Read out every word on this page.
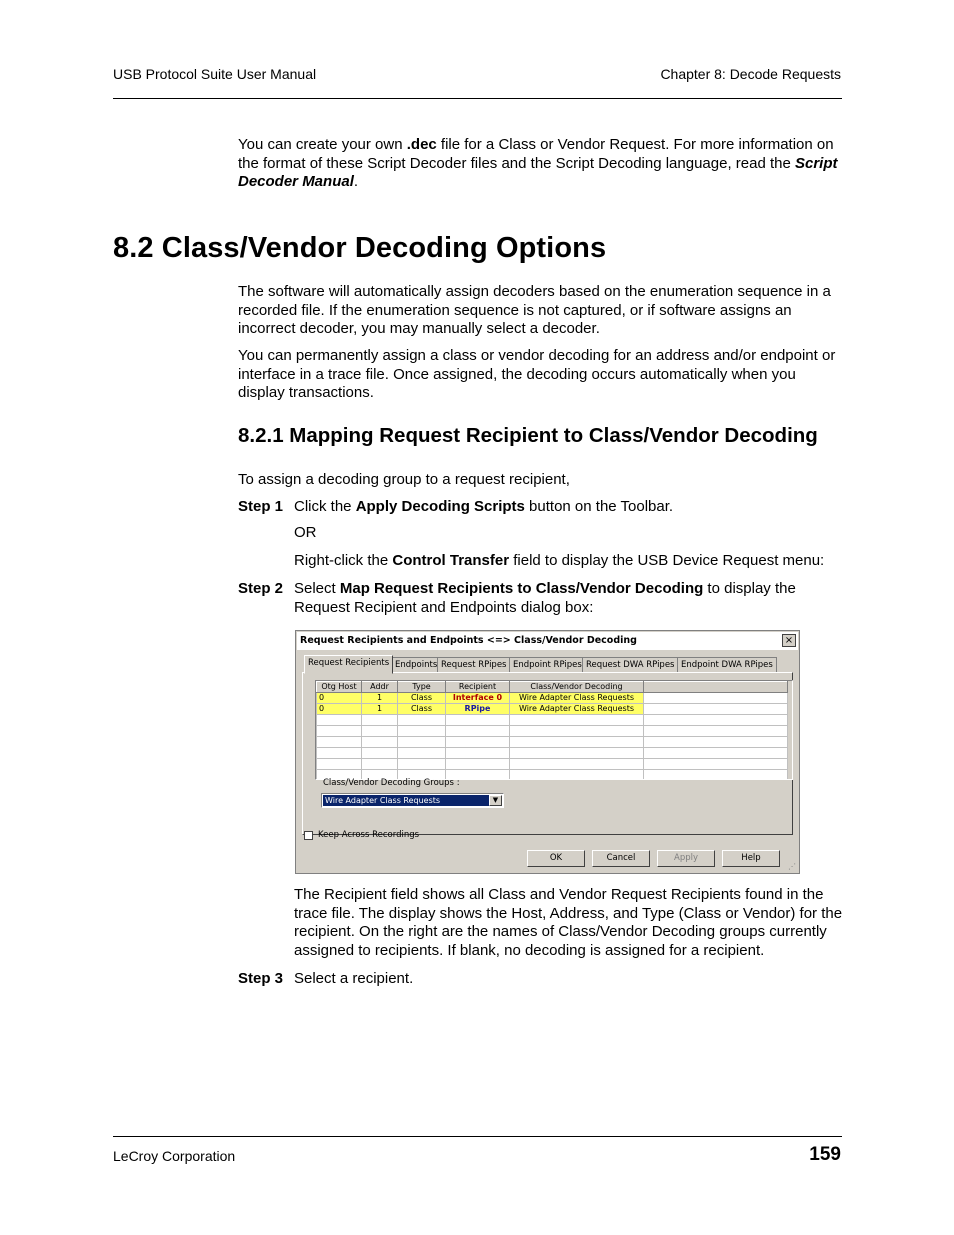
USB Protocol Suite User Manual	Chapter 8: Decode Requests
You can create your own .dec file for a Class or Vendor Request. For more information on the format of these Script Decoder files and the Script Decoding language, read the Script Decoder Manual.
8.2 Class/Vendor Decoding Options
The software will automatically assign decoders based on the enumeration sequence in a recorded file. If the enumeration sequence is not captured, or if software assigns an incorrect decoder, you may manually select a decoder.
You can permanently assign a class or vendor decoding for an address and/or endpoint or interface in a trace file. Once assigned, the decoding occurs automatically when you display transactions.
8.2.1 Mapping Request Recipient to Class/Vendor Decoding
To assign a decoding group to a request recipient,
Step 1 Click the Apply Decoding Scripts button on the Toolbar.
OR
Right-click the Control Transfer field to display the USB Device Request menu:
Step 2 Select Map Request Recipients to Class/Vendor Decoding to display the Request Recipient and Endpoints dialog box:
Request Recipients and Endpoints <=> Class/Vendor Decoding	×
Request Recipients Endpoints Request RPipes Endpoint RPipes Request DWA RPipes Endpoint DWA RPipes
Otg Host	Addr	Type	Recipient	Class/Vendor Decoding	
0	1	Class	Interface 0	Wire Adapter Class Requests	
0	1	Class	RPipe	Wire Adapter Class Requests	

Class/Vendor Decoding Groups :
Wire Adapter Class Requests	▼
Keep Across Recordings
OK	Cancel	Apply	Help
⋰
The Recipient field shows all Class and Vendor Request Recipients found in the trace file. The display shows the Host, Address, and Type (Class or Vendor) for the recipient. On the right are the names of Class/Vendor Decoding groups currently assigned to recipients. If blank, no decoding is assigned for a recipient.
Step 3 Select a recipient.
LeCroy Corporation	159
